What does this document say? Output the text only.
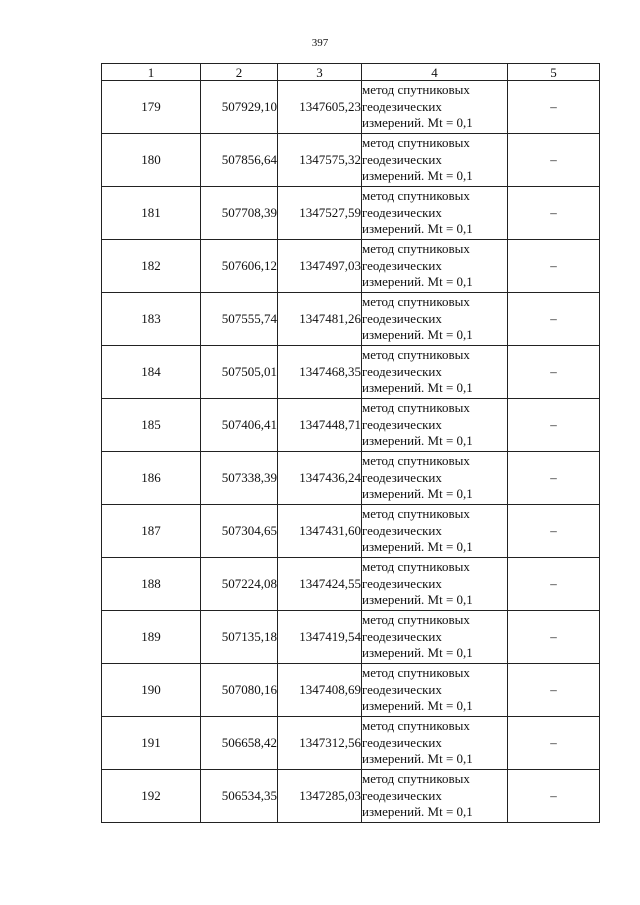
397
1	2	3	4	5
179	507929,10	1347605,23	метод спутниковых
геодезических
измерений. Mt = 0,1	–
180	507856,64	1347575,32	метод спутниковых
геодезических
измерений. Mt = 0,1	–
181	507708,39	1347527,59	метод спутниковых
геодезических
измерений. Mt = 0,1	–
182	507606,12	1347497,03	метод спутниковых
геодезических
измерений. Mt = 0,1	–
183	507555,74	1347481,26	метод спутниковых
геодезических
измерений. Mt = 0,1	–
184	507505,01	1347468,35	метод спутниковых
геодезических
измерений. Mt = 0,1	–
185	507406,41	1347448,71	метод спутниковых
геодезических
измерений. Mt = 0,1	–
186	507338,39	1347436,24	метод спутниковых
геодезических
измерений. Mt = 0,1	–
187	507304,65	1347431,60	метод спутниковых
геодезических
измерений. Mt = 0,1	–
188	507224,08	1347424,55	метод спутниковых
геодезических
измерений. Mt = 0,1	–
189	507135,18	1347419,54	метод спутниковых
геодезических
измерений. Mt = 0,1	–
190	507080,16	1347408,69	метод спутниковых
геодезических
измерений. Mt = 0,1	–
191	506658,42	1347312,56	метод спутниковых
геодезических
измерений. Mt = 0,1	–
192	506534,35	1347285,03	метод спутниковых
геодезических
измерений. Mt = 0,1	–
